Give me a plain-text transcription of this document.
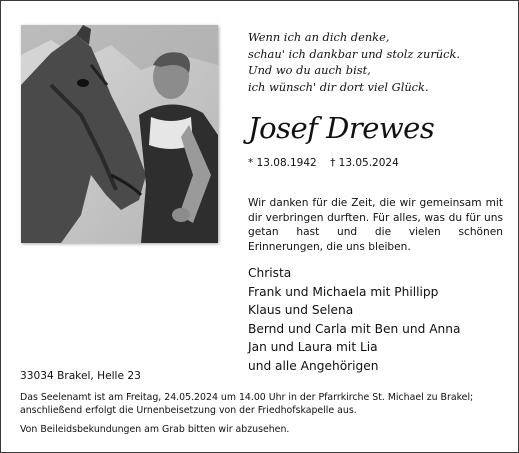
Wenn ich an dich denke,
schau' ich dankbar und stolz zurück.
Und wo du auch bist,
ich wünsch' dir dort viel Glück.
Josef Drewes
* 13.08.1942 † 13.05.2024
Wir danken für die Zeit, die wir gemeinsam mit dir verbringen durften. Für alles, was du für uns getan hast und die vielen schönen Erinnerungen, die uns bleiben.
Christa
Frank und Michaela mit Phillipp
Klaus und Selena
Bernd und Carla mit Ben und Anna
Jan und Laura mit Lia
und alle Angehörigen
33034 Brakel, Helle 23
Das Seelenamt ist am Freitag, 24.05.2024 um 14.00 Uhr in der Pfarrkirche St. Michael zu Brakel; anschließend erfolgt die Urnenbeisetzung von der Friedhofskapelle aus.
Von Beileidsbekundungen am Grab bitten wir abzusehen.
